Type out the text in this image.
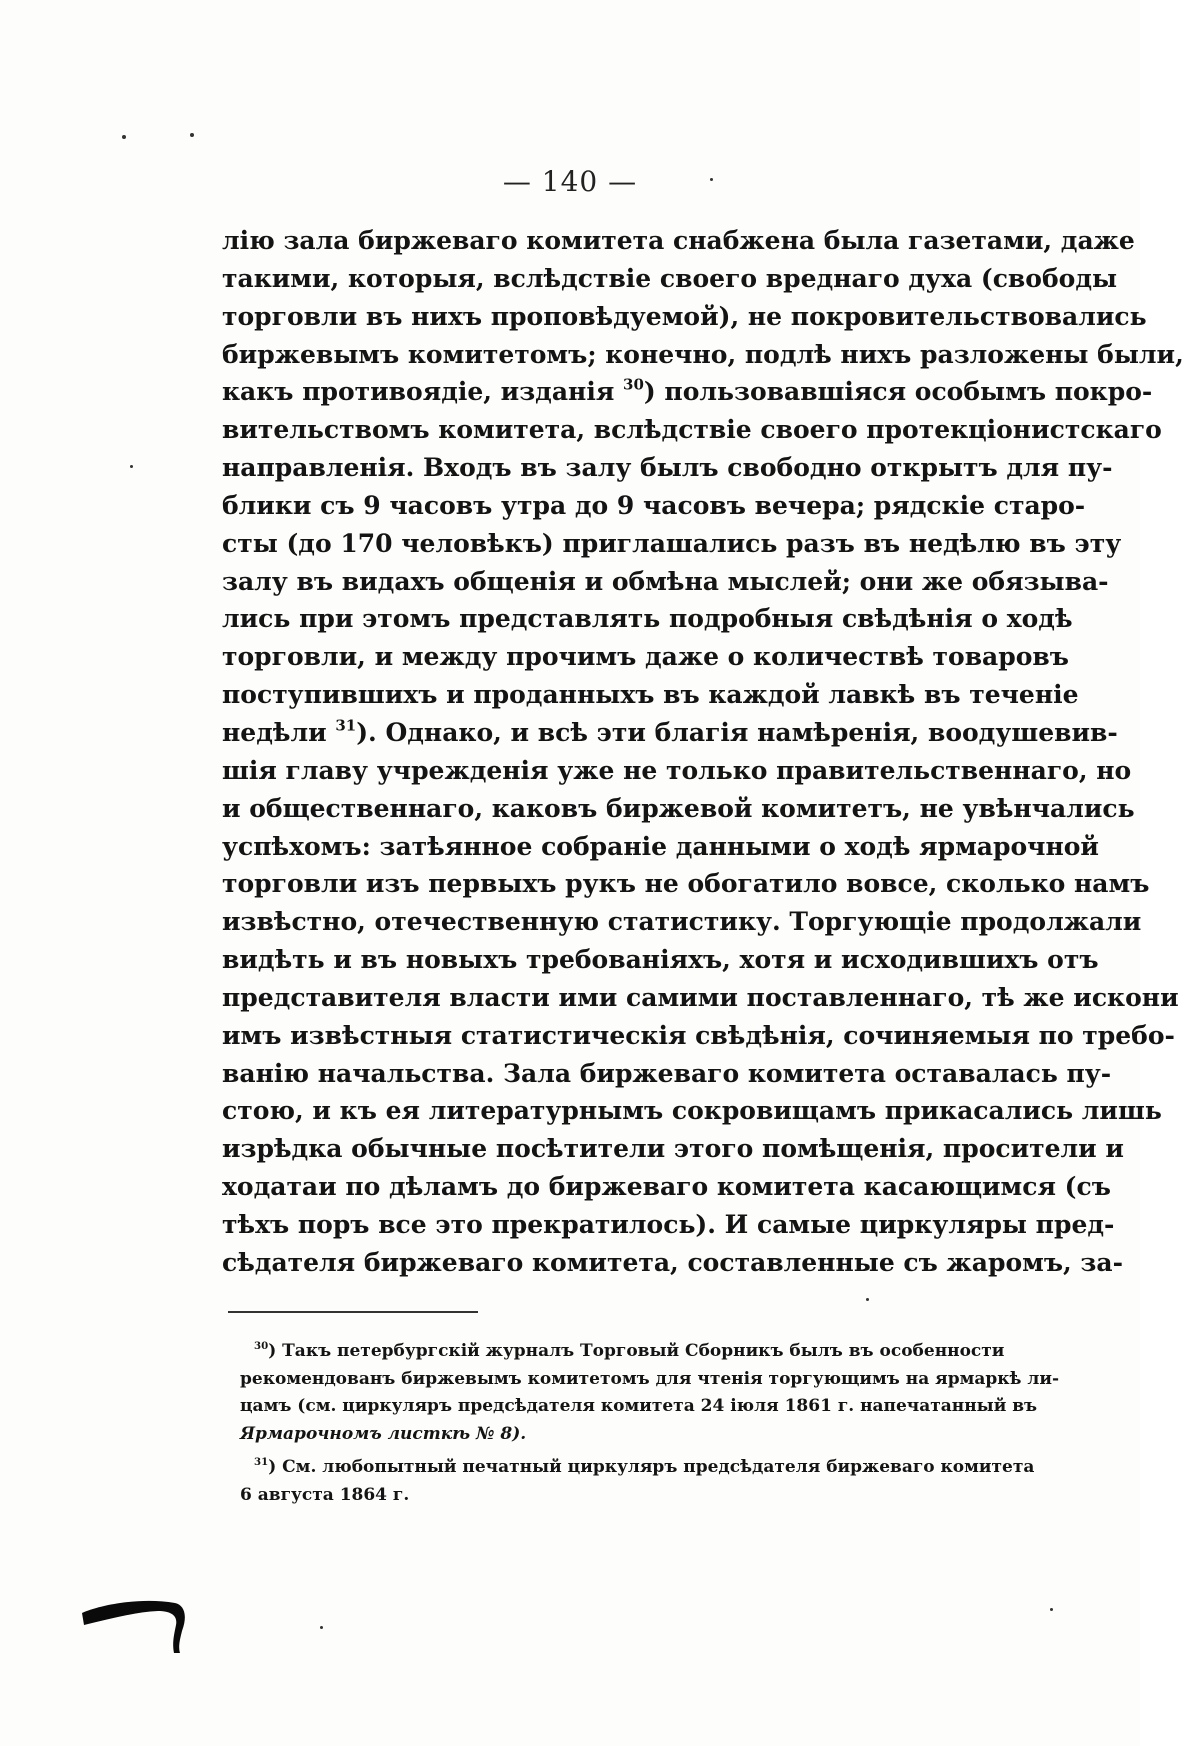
— 140 —
лію зала биржеваго комитета снабжена была газетами, даже
такими, которыя, вслѣдствіе своего вреднаго духа (свободы
торговли въ нихъ проповѣдуемой), не покровительствовались
биржевымъ комитетомъ; конечно, подлѣ нихъ разложены были,
какъ противоядіе, изданія $^{30}$) пользовавшіяся особымъ покро-
вительствомъ комитета, вслѣдствіе своего протекціонистскаго
направленія. Входъ въ залу былъ свободно открытъ для пу-
блики съ 9 часовъ утра до 9 часовъ вечера; рядскіе старо-
сты (до 170 человѣкъ) приглашались разъ въ недѣлю въ эту
залу въ видахъ общенія и обмѣна мыслей; они же обязыва-
лись при этомъ представлять подробныя свѣдѣнія о ходѣ
торговли, и между прочимъ даже о количествѣ товаровъ
поступившихъ и проданныхъ въ каждой лавкѣ въ теченіе
недѣли $^{31}$). Однако, и всѣ эти благія намѣренія, воодушевив-
шія главу учрежденія уже не только правительственнаго, но
и общественнаго, каковъ биржевой комитетъ, не увѣнчались
успѣхомъ: затѣянное собраніе данными о ходѣ ярмарочной
торговли изъ первыхъ рукъ не обогатило вовсе, сколько намъ
извѣстно, отечественную статистику. Торгующіе продолжали
видѣть и въ новыхъ требованіяхъ, хотя и исходившихъ отъ
представителя власти ими самими поставленнаго, тѣ же искони
имъ извѣстныя статистическія свѣдѣнія, сочиняемыя по требо-
ванію начальства. Зала биржеваго комитета оставалась пу-
стою, и къ ея литературнымъ сокровищамъ прикасались лишь
изрѣдка обычные посѣтители этого помѣщенія, просители и
ходатаи по дѣламъ до биржеваго комитета касающимся (съ
тѣхъ поръ все это прекратилось). И самые циркуляры пред-
сѣдателя биржеваго комитета, составленные съ жаромъ, за-
$^{30}$) Такъ петербургскій журналъ Торговый Сборникъ былъ въ особенности
рекомендованъ биржевымъ комитетомъ для чтенія торгующимъ на ярмаркѣ ли-
цамъ (см. циркуляръ предсѣдателя комитета 24 іюля 1861 г. напечатанный въ
Ярмарочномъ листкѣ № 8).
$^{31}$) См. любопытный печатный циркуляръ предсѣдателя биржеваго комитета
6 августа 1864 г.
